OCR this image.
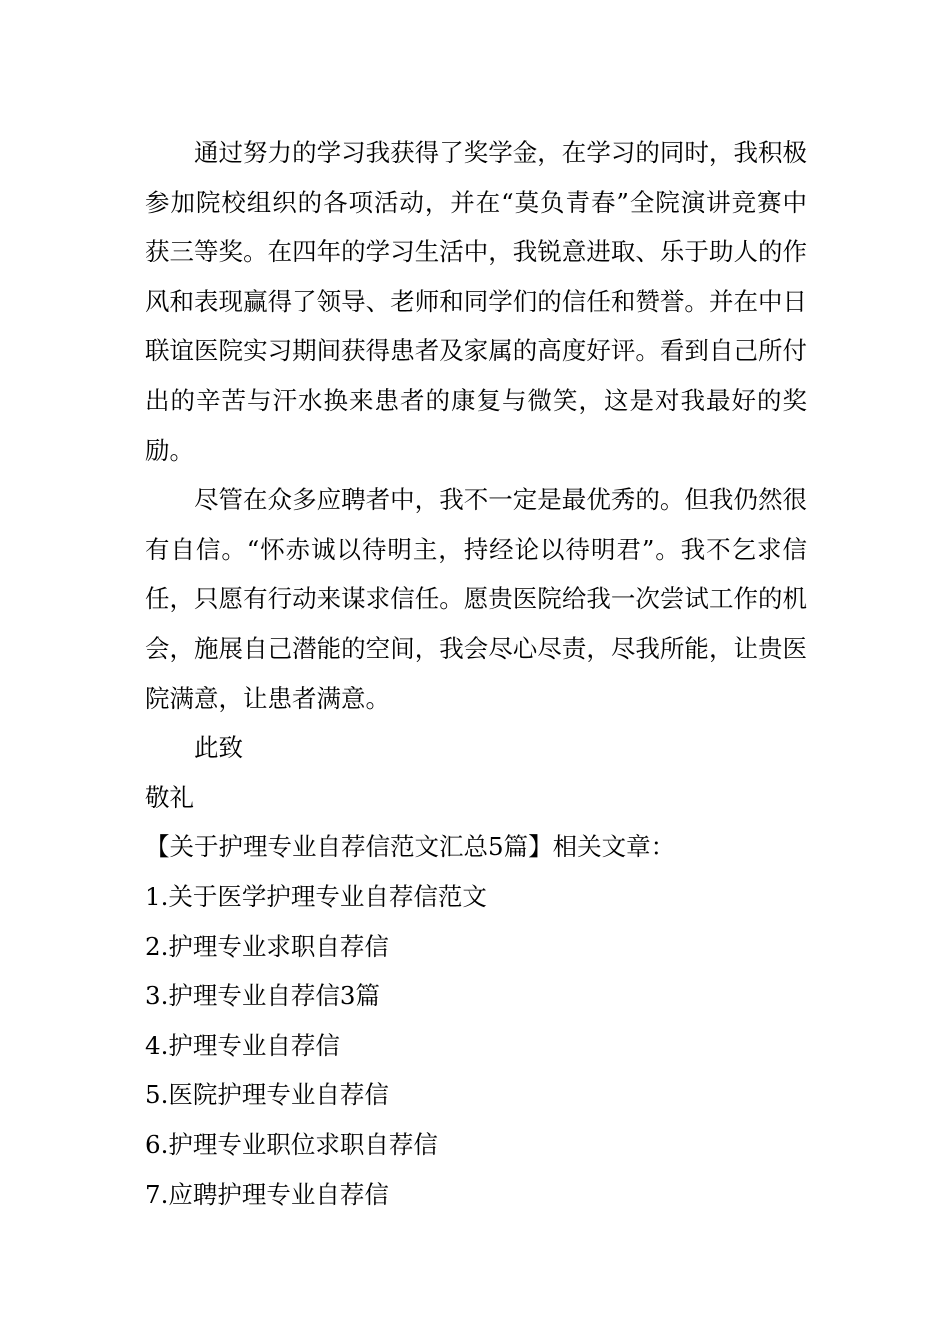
通过努力的学习我获得了奖学金，在学习的同时，我积极参加院校组织的各项活动，并在“莫负青春”全院演讲竞赛中获三等奖。在四年的学习生活中，我锐意进取、乐于助人的作风和表现赢得了领导、老师和同学们的信任和赞誉。并在中日联谊医院实习期间获得患者及家属的高度好评。看到自己所付出的辛苦与汗水换来患者的康复与微笑，这是对我最好的奖励。

尽管在众多应聘者中，我不一定是最优秀的。但我仍然很有自信。“怀赤诚以待明主，持经论以待明君”。我不乞求信任，只愿有行动来谋求信任。愿贵医院给我一次尝试工作的机会，施展自己潜能的空间，我会尽心尽责，尽我所能，让贵医院满意，让患者满意。

此致

敬礼

【关于护理专业自荐信范文汇总5篇】相关文章：

1.关于医学护理专业自荐信范文
2.护理专业求职自荐信
3.护理专业自荐信3篇
4.护理专业自荐信
5.医院护理专业自荐信
6.护理专业职位求职自荐信
7.应聘护理专业自荐信
